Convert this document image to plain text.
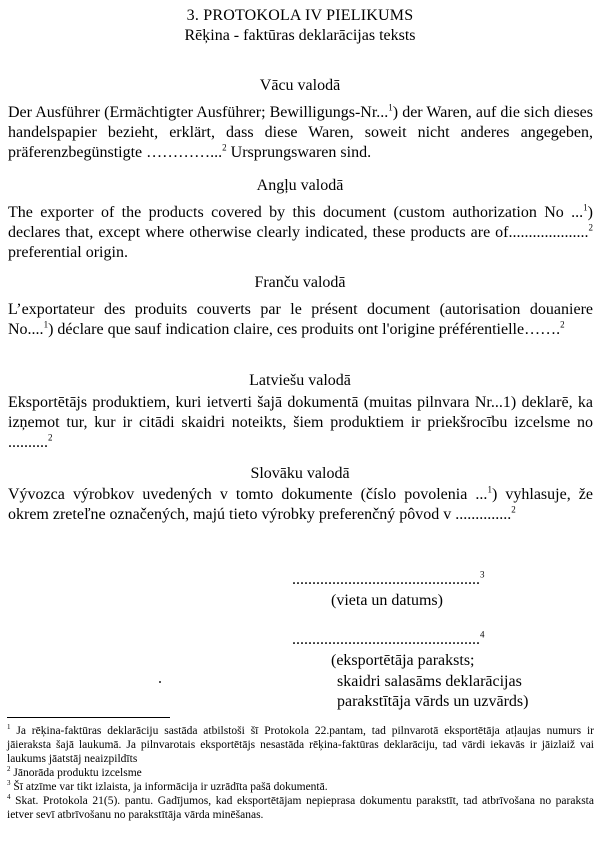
3. PROTOKOLA IV PIELIKUMS
Rēķina - faktūras deklarācijas teksts
Vācu valodā

Der Ausführer (Ermächtigter Ausführer; Bewilligungs-Nr...$^1$) der Waren, auf die sich dieses handelspapier bezieht, erklärt, dass diese Waren, soweit nicht anderes angegeben, präferenzbegünstigte …………...$^2$ Ursprungswaren sind.

Angļu valodā

The exporter of the products covered by this document (custom authorization No ...$^1$) declares that, except where otherwise clearly indicated, these products are of....................$^2$ preferential origin.

Franču valodā

L’exportateur des produits couverts par le présent document (autorisation douaniere No....$^1$) déclare que sauf indication claire, ces produits ont l'origine préférentielle…….$^2$

Latviešu valodā

Eksportētājs produktiem, kuri ietverti šajā dokumentā (muitas pilnvara Nr...1) deklarē, ka izņemot tur, kur ir citādi skaidri noteikts, šiem produktiem ir priekšrocību izcelsme no ..........$^2$

Slovāku valodā

Vývozca výrobkov uvedených v tomto dokumente (číslo povolenia ...$^1$) vyhlasuje, že okrem zreteľne označených, majú tieto výrobky preferenčný pôvod v ..............$^2$

...............................................$^3$
(vieta un datums)
...............................................$^4$
(eksportētāja paraksts;
skaidri salasāms deklarācijas
parakstītāja vārds un uzvārds)

$^1$ Ja rēķina-faktūras deklarāciju sastāda atbilstoši šī Protokola 22.pantam, tad pilnvarotā eksportētāja atļaujas numurs ir jāieraksta šajā laukumā. Ja pilnvarotais eksportētājs nesastāda rēķina-faktūras deklarāciju, tad vārdi iekavās ir jāizlaiž vai laukums jāatstāj neaizpildīts

$^2$ Jānorāda produktu izcelsme

$^3$ Šī atzīme var tikt izlaista, ja informācija ir uzrādīta pašā dokumentā.

$^4$ Skat. Protokola 21(5). pantu. Gadījumos, kad eksportētājam nepieprasa dokumentu parakstīt, tad atbrīvošana no paraksta ietver sevī atbrīvošanu no parakstītāja vārda minēšanas.
